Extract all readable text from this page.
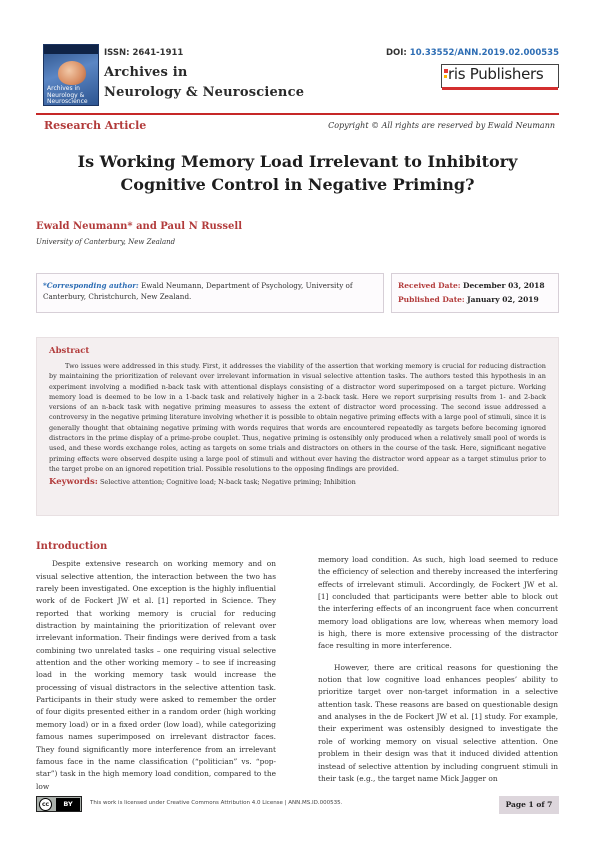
Archives in
Neurology &
Neuroscience
ISSN: 2641-1911
Archives in
Neurology & Neuroscience
DOI: 10.33552/ANN.2019.02.000535
ris Publishers
Research Article	Copyright © All rights are reserved by Ewald Neumann
Is Working Memory Load Irrelevant to Inhibitory
Cognitive Control in Negative Priming?
Ewald Neumann* and Paul N Russell
University of Canterbury, New Zealand
*Corresponding author: Ewald Neumann, Department of Psychology, University of Canterbury, Christchurch, New Zealand.
Received Date: December 03, 2018
Published Date: January 02, 2019
Abstract
Two issues were addressed in this study. First, it addresses the viability of the assertion that working memory is crucial for reducing distraction by maintaining the prioritization of relevant over irrelevant information in visual selective attention tasks. The authors tested this hypothesis in an experiment involving a modified n-back task with attentional displays consisting of a distractor word superimposed on a target picture. Working memory load is deemed to be low in a 1-back task and relatively higher in a 2-back task. Here we report surprising results from 1- and 2-back versions of an n-back task with negative priming measures to assess the extent of distractor word processing. The second issue addressed a controversy in the negative priming literature involving whether it is possible to obtain negative priming effects with a large pool of stimuli, since it is generally thought that obtaining negative priming with words requires that words are encountered repeatedly as targets before becoming ignored distractors in the prime display of a prime-probe couplet. Thus, negative priming is ostensibly only produced when a relatively small pool of words is used, and these words exchange roles, acting as targets on some trials and distractors on others in the course of the task. Here, significant negative priming effects were observed despite using a large pool of stimuli and without ever having the distractor word appear as a target stimulus prior to the target probe on an ignored repetition trial. Possible resolutions to the opposing findings are provided.
Keywords: Selective attention; Cognitive load; N-back task; Negative priming; Inhibition
Introduction
Despite extensive research on working memory and on visual selective attention, the interaction between the two has rarely been investigated. One exception is the highly influential work of de Fockert JW et al. [1] reported in Science. They reported that working memory is crucial for reducing distraction by maintaining the prioritization of relevant over irrelevant information. Their findings were derived from a task combining two unrelated tasks – one requiring visual selective attention and the other working memory – to see if increasing load in the working memory task would increase the processing of visual distractors in the selective attention task. Participants in their study were asked to remember the order of four digits presented either in a random order (high working memory load) or in a fixed order (low load), while categorizing famous names superimposed on irrelevant distractor faces. They found significantly more interference from an irrelevant famous face in the name classification (“politician” vs. “pop-star”) task in the high memory load condition, compared to the low
memory load condition. As such, high load seemed to reduce the efficiency of selection and thereby increased the interfering effects of irrelevant stimuli. Accordingly, de Fockert JW et al. [1] concluded that participants were better able to block out the interfering effects of an incongruent face when concurrent memory load obligations are low, whereas when memory load is high, there is more extensive processing of the distractor face resulting in more interference.
However, there are critical reasons for questioning the notion that low cognitive load enhances peoples’ ability to prioritize target over non-target information in a selective attention task. These reasons are based on questionable design and analyses in the de Fockert JW et al. [1] study. For example, their experiment was ostensibly designed to investigate the role of working memory on visual selective attention. One problem in their design was that it induced divided attention instead of selective attention by including congruent stimuli in their task (e.g., the target name Mick Jagger on
cc	BY	This work is licensed under Creative Commons Attribution 4.0 License | ANN.MS.ID.000535.	Page 1 of 7
